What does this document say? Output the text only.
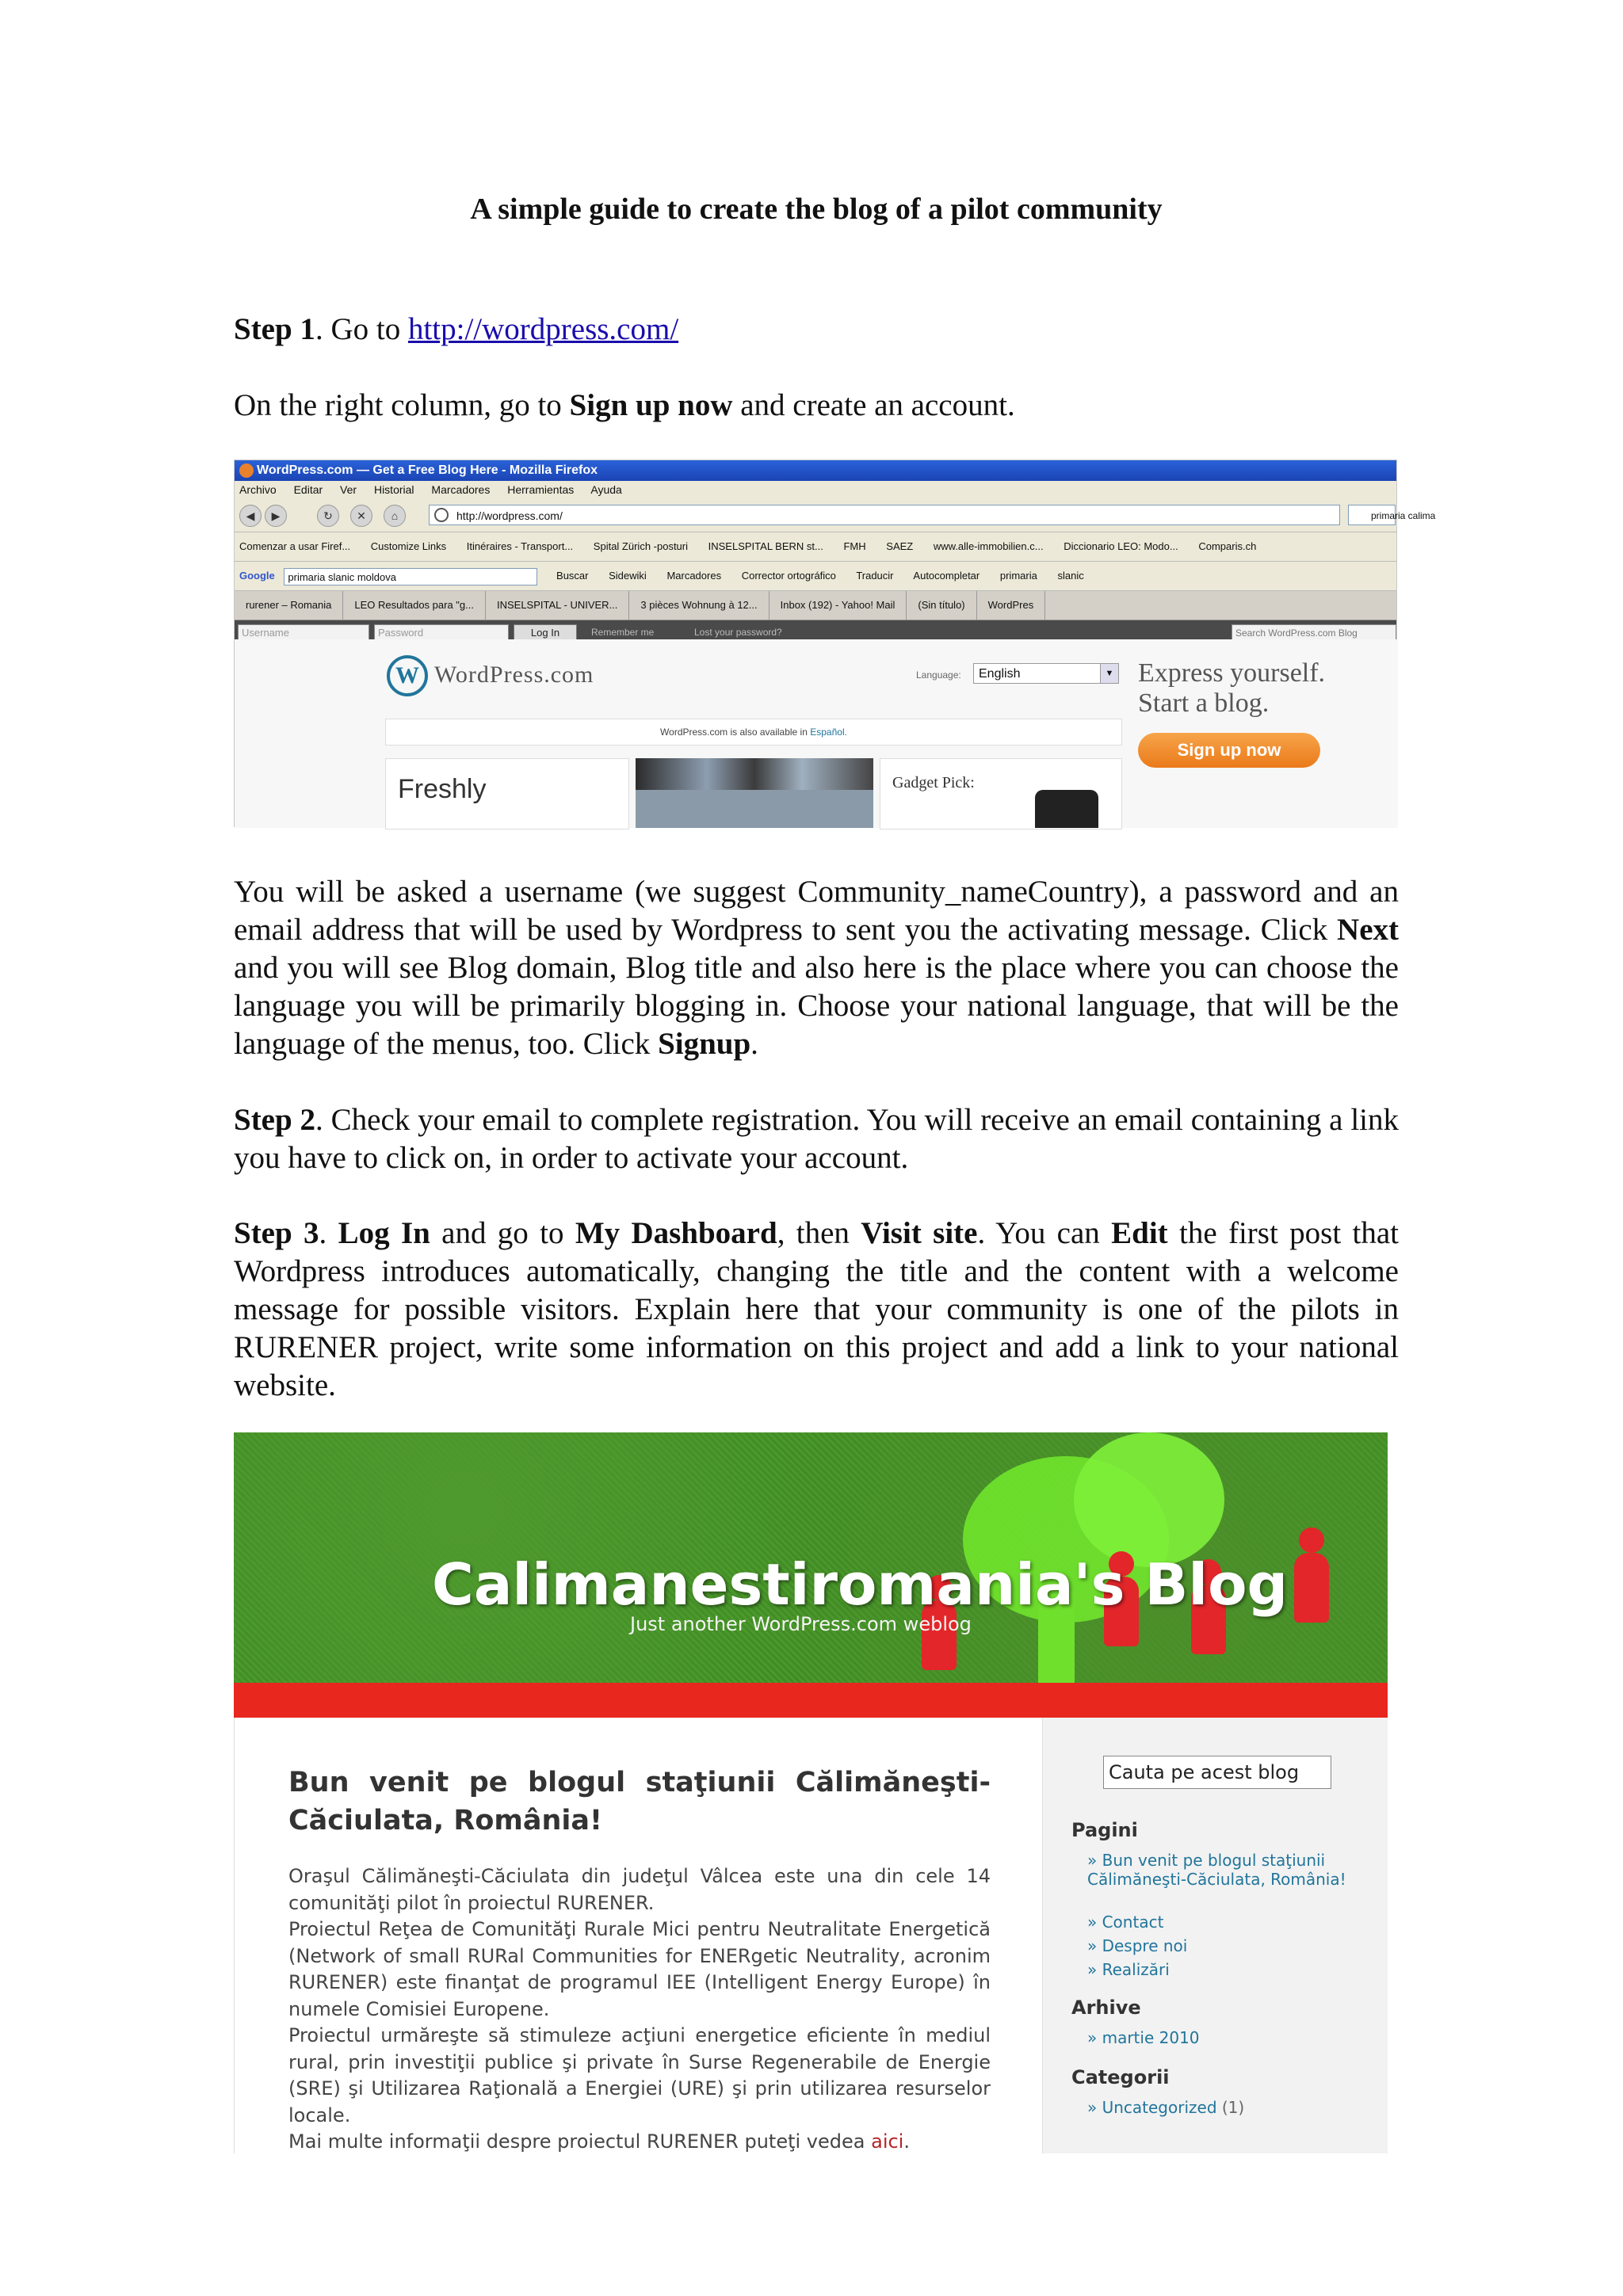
A simple guide to create the blog of a pilot community
Step 1. Go to http://wordpress.com/
On the right column, go to Sign up now and create an account.
You will be asked a username (we suggest Community_nameCountry), a password and an email address that will be used by Wordpress to sent you the activating message. Click Next and you will see Blog domain, Blog title and also here is the place where you can choose the language you will be primarily blogging in. Choose your national language, that will be the language of the menus, too. Click Signup.
Step 2. Check your email to complete registration. You will receive an email containing a link you have to click on, in order to activate your account.
Step 3. Log In and go to My Dashboard, then Visit site. You can Edit the first post that Wordpress introduces automatically, changing the title and the content with a welcome message for possible visitors. Explain here that your community is one of the pilots in RURENER project, write some information on this project and add a link to your national website.
WordPress.com — Get a Free Blog Here - Mozilla Firefox
Archivo Editar Ver Historial Marcadores Herramientas Ayuda
◀	▶	↻	✕	⌂	http://wordpress.com/	primaria calima
Comenzar a usar Firef... Customize Links Itinéraires - Transport... Spital Zürich -posturi INSELSPITAL BERN st... FMH SAEZ www.alle-immobilien.c... Diccionario LEO: Modo... Comparis.ch
Google primaria slanic moldova	Buscar Sidewiki Marcadores Corrector ortográfico Traducir Autocompletar primaria slanic
rurener – Romania LEO Resultados para "g... INSELSPITAL - UNIVER... 3 pièces Wohnung à 12... Inbox (192) - Yahoo! Mail (Sin título) WordPres
Username	Password	Log In	Remember me	Lost your password?	Search WordPress.com Blog
W WordPress.com	Language:	English	▼ Express yourself.
Start a blog.
Sign up now
WordPress.com is also available in Español.
Freshly	Gadget Pick:
Calimanestiromania's Blog
Just another WordPress.com weblog
Bun venit pe blogul staţiunii Călimăneşti-Căciulata, România!

Oraşul Călimăneşti-Căciulata din judeţul Vâlcea este una din cele 14 comunităţi pilot în proiectul RURENER.

Proiectul Reţea de Comunităţi Rurale Mici pentru Neutralitate Energetică (Network of small RURal Communities for ENERgetic Neutrality, acronim RURENER) este finanţat de programul IEE (Intelligent Energy Europe) în numele Comisiei Europene.

Proiectul urmăreşte să stimuleze acţiuni energetice eficiente în mediul rural, prin investiţii publice şi private în Surse Regenerabile de Energie (SRE) şi Utilizarea Raţională a Energiei (URE) şi prin utilizarea resurselor locale.

Mai multe informaţii despre proiectul RURENER puteţi vedea aici.

Cauta pe acest blog
Pagini
» Bun venit pe blogul staţiunii Călimăneşti-Căciulata, România!
» Contact
» Despre noi
» Realizări
Arhive
» martie 2010
Categorii
» Uncategorized (1)
